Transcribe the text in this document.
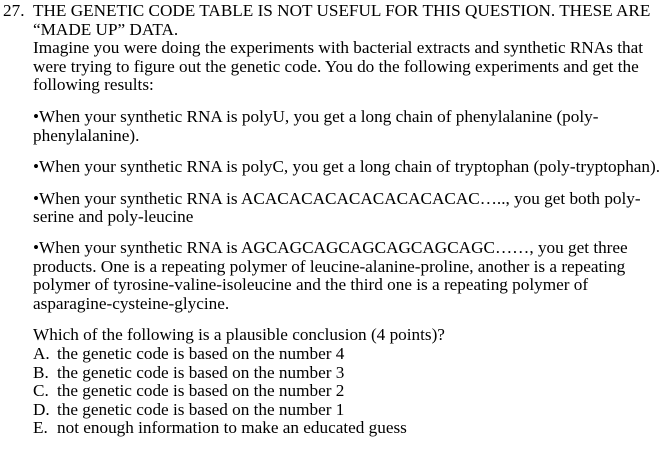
27. THE GENETIC CODE TABLE IS NOT USEFUL FOR THIS QUESTION. THESE ARE “MADE UP” DATA.

Imagine you were doing the experiments with bacterial extracts and synthetic RNAs that were trying to figure out the genetic code. You do the following experiments and get the following results:

•When your synthetic RNA is polyU, you get a long chain of phenylalanine (poly-phenylalanine).

•When your synthetic RNA is polyC, you get a long chain of tryptophan (poly-tryptophan).

•When your synthetic RNA is ACACACACACACACACACAC….., you get both poly-serine and poly-leucine

•When your synthetic RNA is AGCAGCAGCAGCAGCAGCAGC……, you get three products. One is a repeating polymer of leucine-alanine-proline, another is a repeating polymer of tyrosine-valine-isoleucine and the third one is a repeating polymer of asparagine-cysteine-glycine.

Which of the following is a plausible conclusion (4 points)?

A. the genetic code is based on the number 4
B. the genetic code is based on the number 3
C. the genetic code is based on the number 2
D. the genetic code is based on the number 1
E. not enough information to make an educated guess
